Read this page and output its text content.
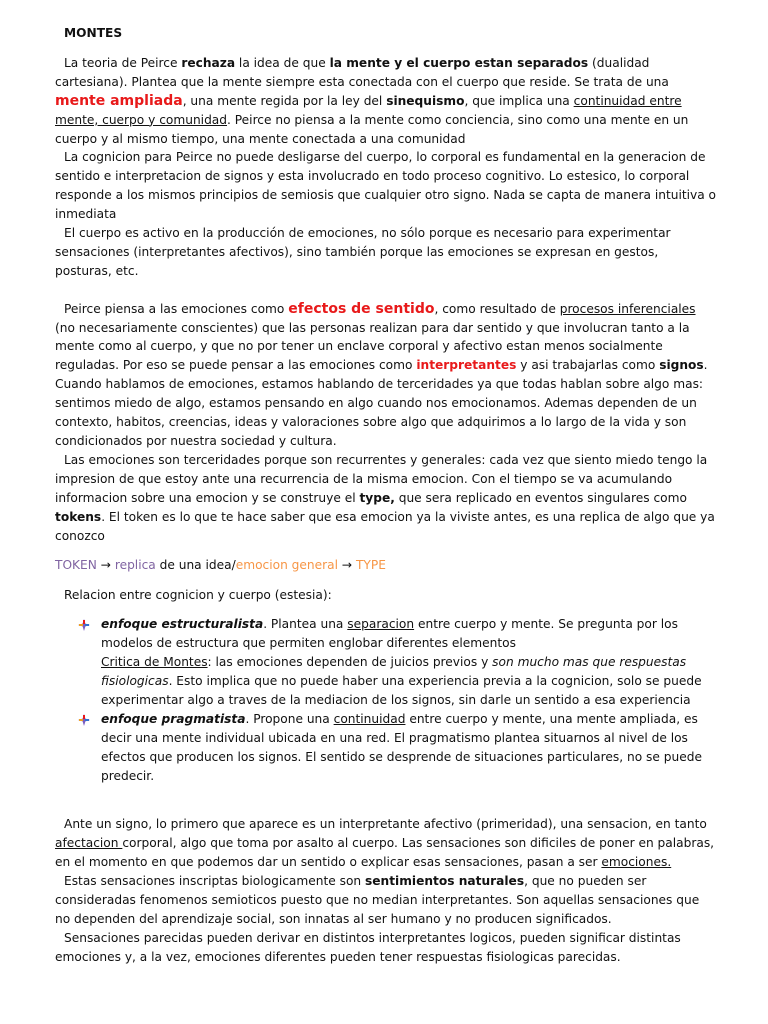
MONTES

La teoria de Peirce rechaza la idea de que la mente y el cuerpo estan separados (dualidad cartesiana). Plantea que la mente siempre esta conectada con el cuerpo que reside. Se trata de una mente ampliada, una mente regida por la ley del sinequismo, que implica una continuidad entre mente, cuerpo y comunidad. Peirce no piensa a la mente como conciencia, sino como una mente en un cuerpo y al mismo tiempo, una mente conectada a una comunidad

La cognicion para Peirce no puede desligarse del cuerpo, lo corporal es fundamental en la generacion de sentido e interpretacion de signos y esta involucrado en todo proceso cognitivo. Lo estesico, lo corporal responde a los mismos principios de semiosis que cualquier otro signo. Nada se capta de manera intuitiva o inmediata

El cuerpo es activo en la producción de emociones, no sólo porque es necesario para experimentar sensaciones (interpretantes afectivos), sino también porque las emociones se expresan en gestos, posturas, etc.

Peirce piensa a las emociones como efectos de sentido, como resultado de procesos inferenciales (no necesariamente conscientes) que las personas realizan para dar sentido y que involucran tanto a la mente como al cuerpo, y que no por tener un enclave corporal y afectivo estan menos socialmente reguladas. Por eso se puede pensar a las emociones como interpretantes y asi trabajarlas como signos. Cuando hablamos de emociones, estamos hablando de terceridades ya que todas hablan sobre algo mas: sentimos miedo de algo, estamos pensando en algo cuando nos emocionamos. Ademas dependen de un contexto, habitos, creencias, ideas y valoraciones sobre algo que adquirimos a lo largo de la vida y son condicionados por nuestra sociedad y cultura.

Las emociones son terceridades porque son recurrentes y generales: cada vez que siento miedo tengo la impresion de que estoy ante una recurrencia de la misma emocion. Con el tiempo se va acumulando informacion sobre una emocion y se construye el type, que sera replicado en eventos singulares como tokens. El token es lo que te hace saber que esa emocion ya la viviste antes, es una replica de algo que ya conozco

TOKEN → replica de una idea/emocion general → TYPE

Relacion entre cognicion y cuerpo (estesia):

enfoque estructuralista. Plantea una separacion entre cuerpo y mente. Se pregunta por los modelos de estructura que permiten englobar diferentes elementos
Critica de Montes: las emociones dependen de juicios previos y son mucho mas que respuestas fisiologicas. Esto implica que no puede haber una experiencia previa a la cognicion, solo se puede experimentar algo a traves de la mediacion de los signos, sin darle un sentido a esa experiencia
enfoque pragmatista. Propone una continuidad entre cuerpo y mente, una mente ampliada, es decir una mente individual ubicada en una red. El pragmatismo plantea situarnos al nivel de los efectos que producen los signos. El sentido se desprende de situaciones particulares, no se puede predecir.

Ante un signo, lo primero que aparece es un interpretante afectivo (primeridad), una sensacion, en tanto afectacion corporal, algo que toma por asalto al cuerpo. Las sensaciones son dificiles de poner en palabras, en el momento en que podemos dar un sentido o explicar esas sensaciones, pasan a ser emociones.

Estas sensaciones inscriptas biologicamente son sentimientos naturales, que no pueden ser consideradas fenomenos semioticos puesto que no median interpretantes. Son aquellas sensaciones que no dependen del aprendizaje social, son innatas al ser humano y no producen significados.

Sensaciones parecidas pueden derivar en distintos interpretantes logicos, pueden significar distintas emociones y, a la vez, emociones diferentes pueden tener respuestas fisiologicas parecidas.
